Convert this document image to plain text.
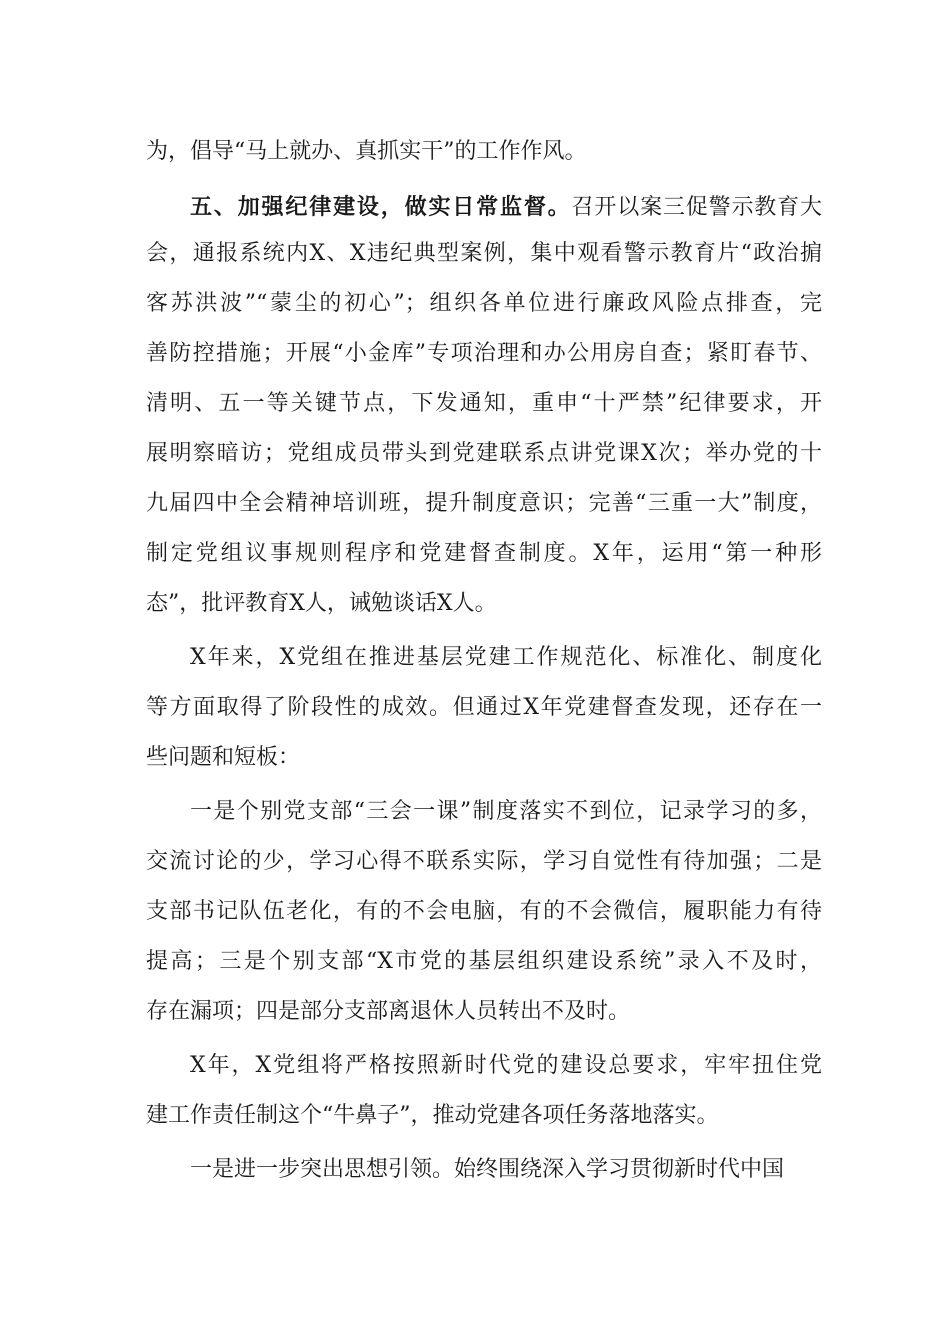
为，倡导“马上就办、真抓实干”的工作作风。
五、加强纪律建设，做实日常监督。召开以案三促警示教育大
会，通报系统内X、X违纪典型案例，集中观看警示教育片“政治掮
客苏洪波”“蒙尘的初心”；组织各单位进行廉政风险点排查，完
善防控措施；开展“小金库”专项治理和办公用房自查；紧盯春节、
清明、五一等关键节点，下发通知，重申“十严禁”纪律要求，开
展明察暗访；党组成员带头到党建联系点讲党课X次；举办党的十
九届四中全会精神培训班，提升制度意识；完善“三重一大”制度，
制定党组议事规则程序和党建督查制度。X年，运用“第一种形
态”，批评教育X人，诫勉谈话X人。
X年来，X党组在推进基层党建工作规范化、标准化、制度化
等方面取得了阶段性的成效。但通过X年党建督查发现，还存在一
些问题和短板：
一是个别党支部“三会一课”制度落实不到位，记录学习的多，
交流讨论的少，学习心得不联系实际，学习自觉性有待加强；二是
支部书记队伍老化，有的不会电脑，有的不会微信，履职能力有待
提高；三是个别支部“X市党的基层组织建设系统”录入不及时，
存在漏项；四是部分支部离退休人员转出不及时。
X年，X党组将严格按照新时代党的建设总要求，牢牢扭住党
建工作责任制这个“牛鼻子”，推动党建各项任务落地落实。
一是进一步突出思想引领。始终围绕深入学习贯彻新时代中国
